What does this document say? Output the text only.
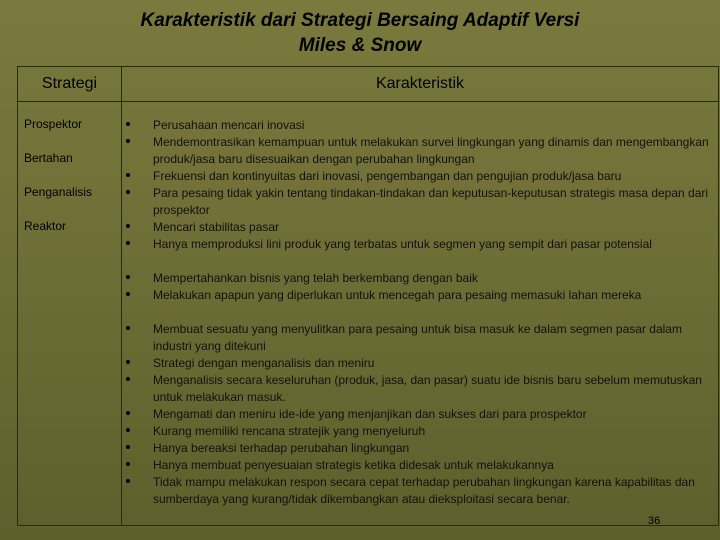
Karakteristik dari Strategi Bersaing Adaptif Versi
Miles & Snow
Strategi	Karakteristik
Prospektor
Bertahan
Penganalisis
Reaktor
Perusahaan mencari inovasi
Mendemontrasikan kemampuan untuk melakukan survei lingkungan yang dinamis dan mengembangkan produk/jasa baru disesuaikan dengan perubahan lingkungan
Frekuensi dan kontinyuitas dari inovasi, pengembangan dan pengujian produk/jasa baru
Para pesaing tidak yakin tentang tindakan-tindakan dan keputusan-keputusan strategis masa depan dari prospektor
Mencari stabilitas pasar
Hanya memproduksi lini produk yang terbatas untuk segmen yang sempit dari pasar potensial
Mempertahankan bisnis yang telah berkembang dengan baik
Melakukan apapun yang diperlukan untuk mencegah para pesaing memasuki lahan mereka
Membuat sesuatu yang menyulitkan para pesaing untuk bisa masuk ke dalam segmen pasar dalam industri yang ditekuni
Strategi dengan menganalisis dan meniru
Menganalisis secara keseluruhan (produk, jasa, dan pasar) suatu ide bisnis baru sebelum memutuskan untuk melakukan masuk.
Mengamati dan meniru ide-ide yang menjanjikan dan sukses dari para prospektor
Kurang memiliki rencana stratejik yang menyeluruh
Hanya bereaksi terhadap perubahan lingkungan
Hanya membuat penyesuaian strategis ketika didesak untuk melakukannya
Tidak mampu melakukan respon secara cepat terhadap perubahan lingkungan karena kapabilitas dan sumberdaya yang kurang/tidak dikembangkan atau dieksploitasi secara benar.
36
